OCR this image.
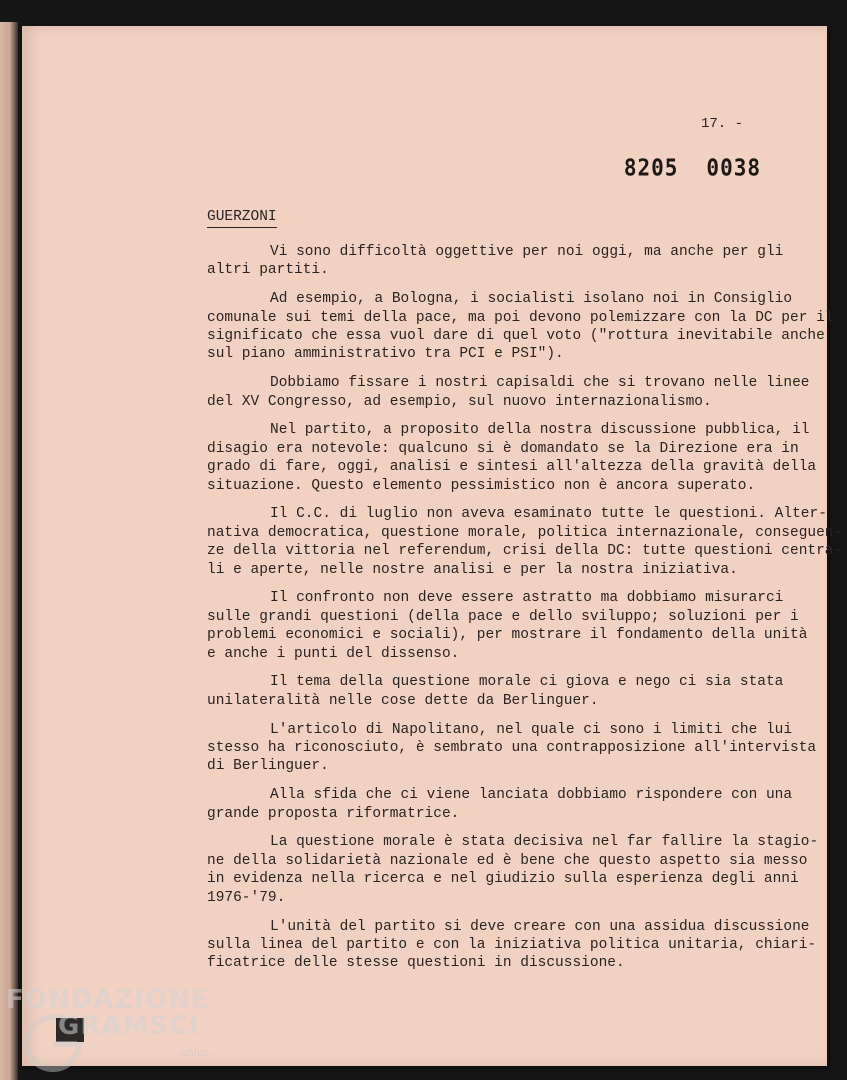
17. -
8205 0038
GUERZONI
Vi sono difficoltà oggettive per noi oggi, ma anche per gli
altri partiti.
Ad esempio, a Bologna, i socialisti isolano noi in Consiglio
comunale sui temi della pace, ma poi devono polemizzare con la DC per il
significato che essa vuol dare di quel voto ("rottura inevitabile anche
sul piano amministrativo tra PCI e PSI").
Dobbiamo fissare i nostri capisaldi che si trovano nelle linee
del XV Congresso, ad esempio, sul nuovo internazionalismo.
Nel partito, a proposito della nostra discussione pubblica, il
disagio era notevole: qualcuno si è domandato se la Direzione era in
grado di fare, oggi, analisi e sintesi all'altezza della gravità della
situazione. Questo elemento pessimistico non è ancora superato.
Il C.C. di luglio non aveva esaminato tutte le questioni. Alter-
nativa democratica, questione morale, politica internazionale, conseguen-
ze della vittoria nel referendum, crisi della DC: tutte questioni centra-
li e aperte, nelle nostre analisi e per la nostra iniziativa.
Il confronto non deve essere astratto ma dobbiamo misurarci
sulle grandi questioni (della pace e dello sviluppo; soluzioni per i
problemi economici e sociali), per mostrare il fondamento della unità
e anche i punti del dissenso.
Il tema della questione morale ci giova e nego ci sia stata
unilateralità nelle cose dette da Berlinguer.
L'articolo di Napolitano, nel quale ci sono i limiti che lui
stesso ha riconosciuto, è sembrato una contrapposizione all'intervista
di Berlinguer.
Alla sfida che ci viene lanciata dobbiamo rispondere con una
grande proposta riformatrice.
La questione morale è stata decisiva nel far fallire la stagio-
ne della solidarietà nazionale ed è bene che questo aspetto sia messo
in evidenza nella ricerca e nel giudizio sulla esperienza degli anni
1976-'79.
L'unità del partito si deve creare con una assidua discussione
sulla linea del partito e con la iniziativa politica unitaria, chiari-
ficatrice delle stesse questioni in discussione.
FONDAZIONE
GRAMSCI
onlus
